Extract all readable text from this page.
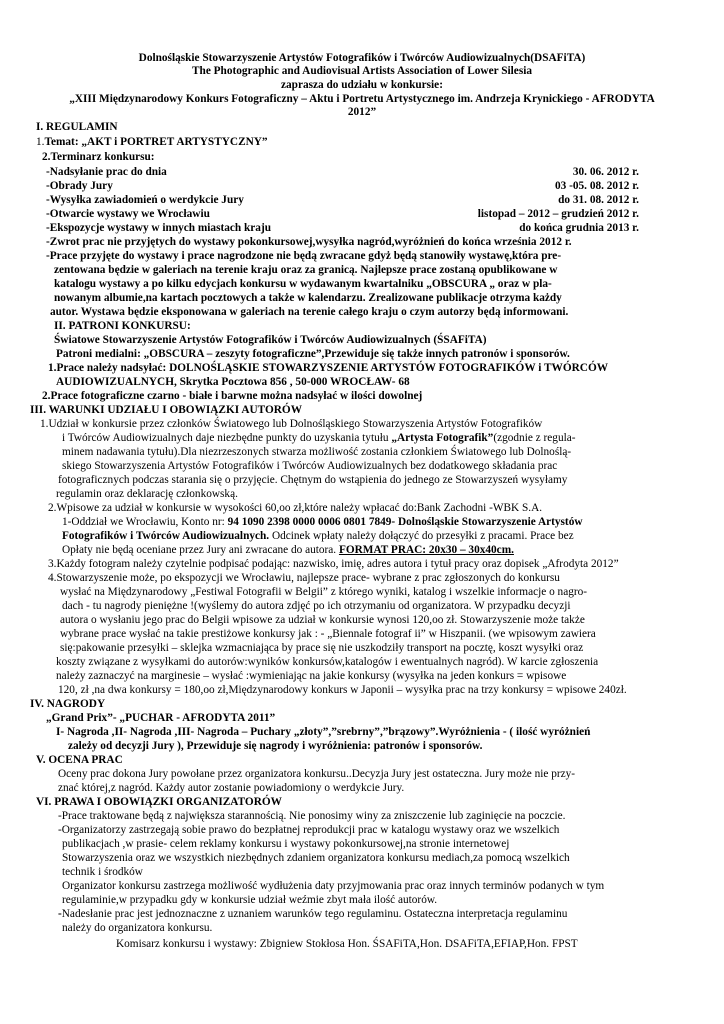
Dolnośląskie Stowarzyszenie Artystów Fotografików i Twórców Audiowizualnych(DSAFiTA)
The Photographic and Audiovisual Artists Association of Lower Silesia
zaprasza do udziału w konkursie:
„XIII Międzynarodowy Konkurs Fotograficzny – Aktu i Portretu Artystycznego im. Andrzeja Krynickiego - AFRODYTA
2012”
I. REGULAMIN
1.Temat: „AKT i PORTRET ARTYSTYCZNY”
2.Terminarz konkursu:
-Nadsyłanie prac do dnia	30. 06. 2012 r.
-Obrady Jury	03 -05. 08. 2012 r.
-Wysyłka zawiadomień o werdykcie Jury	do 31. 08. 2012 r.
-Otwarcie wystawy we Wrocławiu	listopad – 2012 – grudzień 2012 r.
-Ekspozycje wystawy w innych miastach kraju	do końca grudnia 2013 r.
-Zwrot prac nie przyjętych do wystawy pokonkursowej,wysyłka nagród,wyróżnień do końca września 2012 r.
-Prace przyjęte do wystawy i prace nagrodzone nie będą zwracane gdyż będą stanowiły wystawę,która pre-
zentowana będzie w galeriach na terenie kraju oraz za granicą. Najlepsze prace zostaną opublikowane w
katalogu wystawy a po kilku edycjach konkursu w wydawanym kwartalniku „OBSCURA „ oraz w pla-
nowanym albumie,na kartach pocztowych a także w kalendarzu. Zrealizowane publikacje otrzyma każdy
autor. Wystawa będzie eksponowana w galeriach na terenie całego kraju o czym autorzy będą informowani.
II. PATRONI KONKURSU:
Światowe Stowarzyszenie Artystów Fotografików i Twórców Audiowizualnych (ŚSAFiTA)
Patroni medialni: „OBSCURA – zeszyty fotograficzne”,Przewiduje się także innych patronów i sponsorów.
1.Prace należy nadsyłać: DOLNOŚLĄSKIE STOWARZYSZENIE ARTYSTÓW FOTOGRAFIKÓW i TWÓRCÓW
AUDIOWIZUALNYCH, Skrytka Pocztowa 856 , 50-000 WROCŁAW- 68
2.Prace fotograficzne czarno - białe i barwne można nadsyłać w ilości dowolnej
III. WARUNKI UDZIAŁU I OBOWIĄZKI AUTORÓW
1.Udział w konkursie przez członków Światowego lub Dolnośląskiego Stowarzyszenia Artystów Fotografików
i Twórców Audiowizualnych daje niezbędne punkty do uzyskania tytułu „Artysta Fotografik”(zgodnie z regula-
minem nadawania tytułu).Dla niezrzeszonych stwarza możliwość zostania członkiem Światowego lub Dolnoślą-
skiego Stowarzyszenia Artystów Fotografików i Twórców Audiowizualnych bez dodatkowego składania prac
fotograficznych podczas starania się o przyjęcie. Chętnym do wstąpienia do jednego ze Stowarzyszeń wysyłamy
regulamin oraz deklarację członkowską.
2.Wpisowe za udział w konkursie w wysokości 60,oo zł,które należy wpłacać do:Bank Zachodni -WBK S.A.
1-Oddział we Wrocławiu, Konto nr: 94 1090 2398 0000 0006 0801 7849- Dolnośląskie Stowarzyszenie Artystów
Fotografików i Twórców Audiowizualnych. Odcinek wpłaty należy dołączyć do przesyłki z pracami. Prace bez
Opłaty nie będą oceniane przez Jury ani zwracane do autora. FORMAT PRAC: 20x30 – 30x40cm.
3.Każdy fotogram należy czytelnie podpisać podając: nazwisko, imię, adres autora i tytuł pracy oraz dopisek „Afrodyta 2012”
4.Stowarzyszenie może, po ekspozycji we Wrocławiu, najlepsze prace- wybrane z prac zgłoszonych do konkursu
wysłać na Międzynarodowy „Festiwal Fotografii w Belgii” z którego wyniki, katalog i wszelkie informacje o nagro-
dach - tu nagrody pieniężne !(wyślemy do autora zdjęć po ich otrzymaniu od organizatora. W przypadku decyzji
autora o wysłaniu jego prac do Belgii wpisowe za udział w konkursie wynosi 120,oo zł. Stowarzyszenie może także
wybrane prace wysłać na takie prestiżowe konkursy jak : - „Biennale fotograf ii” w Hiszpanii. (we wpisowym zawiera
się:pakowanie przesyłki – sklejka wzmacniająca by prace się nie uszkodziły transport na pocztę, koszt wysyłki oraz
koszty związane z wysyłkami do autorów:wyników konkursów,katalogów i ewentualnych nagród). W karcie zgłoszenia
należy zaznaczyć na marginesie – wysłać :wymieniając na jakie konkursy (wysyłka na jeden konkurs = wpisowe
120, zł ,na dwa konkursy = 180,oo zł,Międzynarodowy konkurs w Japonii – wysyłka prac na trzy konkursy = wpisowe 240zł.
IV. NAGRODY
„Grand Prix”- „PUCHAR - AFRODYTA 2011”
I- Nagroda ,II- Nagroda ,III- Nagroda – Puchary „złoty”,”srebrny”,”brązowy”.Wyróżnienia - ( ilość wyróżnień
zależy od decyzji Jury ), Przewiduje się nagrody i wyróżnienia: patronów i sponsorów.
V. OCENA PRAC
Oceny prac dokona Jury powołane przez organizatora konkursu..Decyzja Jury jest ostateczna. Jury może nie przy-
znać której,z nagród. Każdy autor zostanie powiadomiony o werdykcie Jury.
VI. PRAWA I OBOWIĄZKI ORGANIZATORÓW
-Prace traktowane będą z największa starannością. Nie ponosimy winy za zniszczenie lub zaginięcie na poczcie.
-Organizatorzy zastrzegają sobie prawo do bezpłatnej reprodukcji prac w katalogu wystawy oraz we wszelkich
publikacjach ,w prasie- celem reklamy konkursu i wystawy pokonkursowej,na stronie internetowej
Stowarzyszenia oraz we wszystkich niezbędnych zdaniem organizatora konkursu mediach,za pomocą wszelkich
technik i środków
Organizator konkursu zastrzega możliwość wydłużenia daty przyjmowania prac oraz innych terminów podanych w tym
regulaminie,w przypadku gdy w konkursie udział weźmie zbyt mała ilość autorów.
-Nadesłanie prac jest jednoznaczne z uznaniem warunków tego regulaminu. Ostateczna interpretacja regulaminu
należy do organizatora konkursu.
Komisarz konkursu i wystawy: Zbigniew Stokłosa Hon. ŚSAFiTA,Hon. DSAFiTA,EFIAP,Hon. FPST
